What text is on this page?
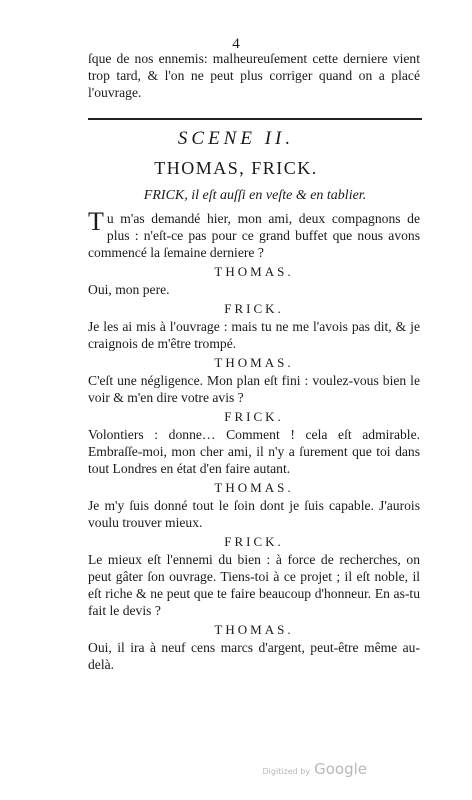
4

ſque de nos ennemis: malheureuſement cette derniere vient trop tard, & l'on ne peut plus corriger quand on a placé l'ouvrage.

SCENE II.
THOMAS, FRICK.
FRICK, il eſt auſſi en veſte & en tablier.

Tu m'as demandé hier, mon ami, deux compagnons de plus : n'eſt-ce pas pour ce grand buffet que nous avons commencé la ſemaine derniere ?

THOMAS.

Oui, mon pere.

FRICK.

Je les ai mis à l'ouvrage : mais tu ne me l'avois pas dit, & je craignois de m'être trompé.

THOMAS.

C'eſt une négligence. Mon plan eſt fini : voulez-vous bien le voir & m'en dire votre avis ?

FRICK.

Volontiers : donne… Comment ! cela eſt admirable. Embraſſe-moi, mon cher ami, il n'y a ſurement que toi dans tout Londres en état d'en faire autant.

THOMAS.

Je m'y ſuis donné tout le ſoin dont je ſuis capable. J'aurois voulu trouver mieux.

FRICK.

Le mieux eſt l'ennemi du bien : à force de recherches, on peut gâter ſon ouvrage. Tiens-toi à ce projet ; il eſt noble, il eſt riche & ne peut que te faire beaucoup d'honneur. En as-tu fait le devis ?

THOMAS.

Oui, il ira à neuf cens marcs d'argent, peut-être même au-delà.

Digitized by Google
